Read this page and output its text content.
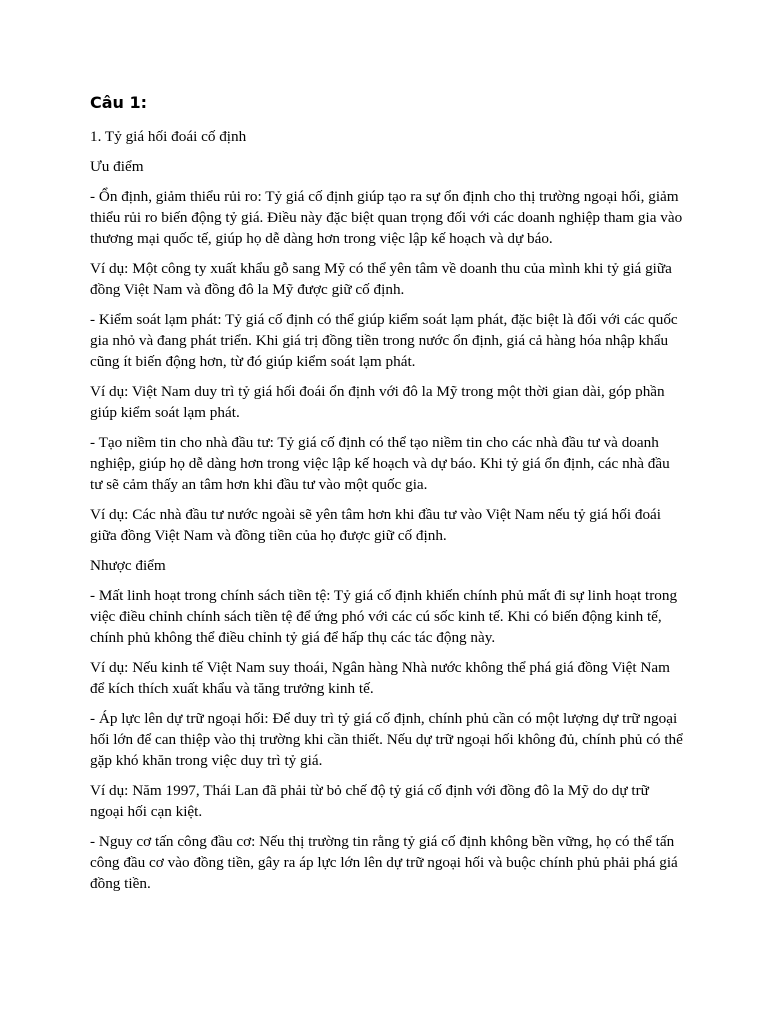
Câu 1:

1. Tỷ giá hối đoái cố định

Ưu điểm

- Ổn định, giảm thiểu rủi ro: Tỷ giá cố định giúp tạo ra sự ổn định cho thị trường ngoại hối, giảm thiểu rủi ro biến động tỷ giá. Điều này đặc biệt quan trọng đối với các doanh nghiệp tham gia vào thương mại quốc tế, giúp họ dễ dàng hơn trong việc lập kế hoạch và dự báo.

Ví dụ: Một công ty xuất khẩu gỗ sang Mỹ có thể yên tâm về doanh thu của mình khi tỷ giá giữa đồng Việt Nam và đồng đô la Mỹ được giữ cố định.

- Kiểm soát lạm phát: Tỷ giá cố định có thể giúp kiểm soát lạm phát, đặc biệt là đối với các quốc gia nhỏ và đang phát triển. Khi giá trị đồng tiền trong nước ổn định, giá cả hàng hóa nhập khẩu cũng ít biến động hơn, từ đó giúp kiểm soát lạm phát.

Ví dụ: Việt Nam duy trì tỷ giá hối đoái ổn định với đô la Mỹ trong một thời gian dài, góp phần giúp kiểm soát lạm phát.

- Tạo niềm tin cho nhà đầu tư: Tỷ giá cố định có thể tạo niềm tin cho các nhà đầu tư và doanh nghiệp, giúp họ dễ dàng hơn trong việc lập kế hoạch và dự báo. Khi tỷ giá ổn định, các nhà đầu tư sẽ cảm thấy an tâm hơn khi đầu tư vào một quốc gia.

Ví dụ: Các nhà đầu tư nước ngoài sẽ yên tâm hơn khi đầu tư vào Việt Nam nếu tỷ giá hối đoái giữa đồng Việt Nam và đồng tiền của họ được giữ cố định.

Nhược điểm

- Mất linh hoạt trong chính sách tiền tệ: Tỷ giá cố định khiến chính phủ mất đi sự linh hoạt trong việc điều chỉnh chính sách tiền tệ để ứng phó với các cú sốc kinh tế. Khi có biến động kinh tế, chính phủ không thể điều chỉnh tỷ giá để hấp thụ các tác động này.

Ví dụ: Nếu kinh tế Việt Nam suy thoái, Ngân hàng Nhà nước không thể phá giá đồng Việt Nam để kích thích xuất khẩu và tăng trưởng kinh tế.

- Áp lực lên dự trữ ngoại hối: Để duy trì tỷ giá cố định, chính phủ cần có một lượng dự trữ ngoại hối lớn để can thiệp vào thị trường khi cần thiết. Nếu dự trữ ngoại hối không đủ, chính phủ có thể gặp khó khăn trong việc duy trì tỷ giá.

Ví dụ: Năm 1997, Thái Lan đã phải từ bỏ chế độ tỷ giá cố định với đồng đô la Mỹ do dự trữ ngoại hối cạn kiệt.

- Nguy cơ tấn công đầu cơ: Nếu thị trường tin rằng tỷ giá cố định không bền vững, họ có thể tấn công đầu cơ vào đồng tiền, gây ra áp lực lớn lên dự trữ ngoại hối và buộc chính phủ phải phá giá đồng tiền.
